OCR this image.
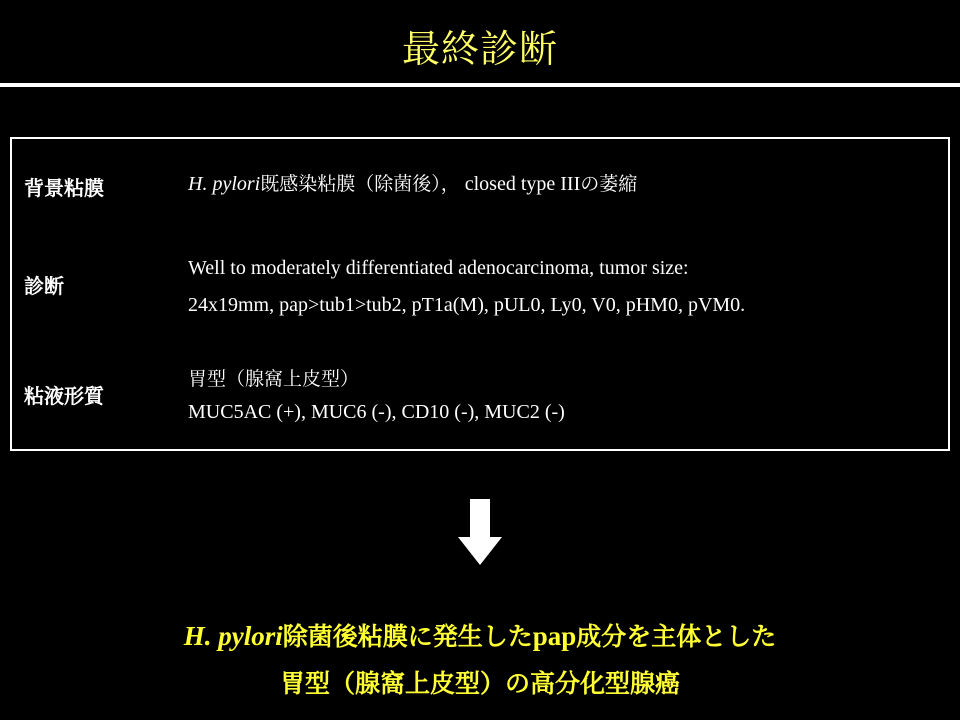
最終診断
背景粘膜	H. pylori既感染粘膜（除菌後）， closed type IIIの萎縮
診断
Well to moderately differentiated adenocarcinoma, tumor size:
24x19mm, pap>tub1>tub2, pT1a(M), pUL0, Ly0, V0, pHM0, pVM0.
粘液形質
胃型（腺窩上皮型）
MUC5AC (+), MUC6 (-), CD10 (-), MUC2 (-)
H. pylori除菌後粘膜に発生したpap成分を主体とした
胃型（腺窩上皮型）の高分化型腺癌
